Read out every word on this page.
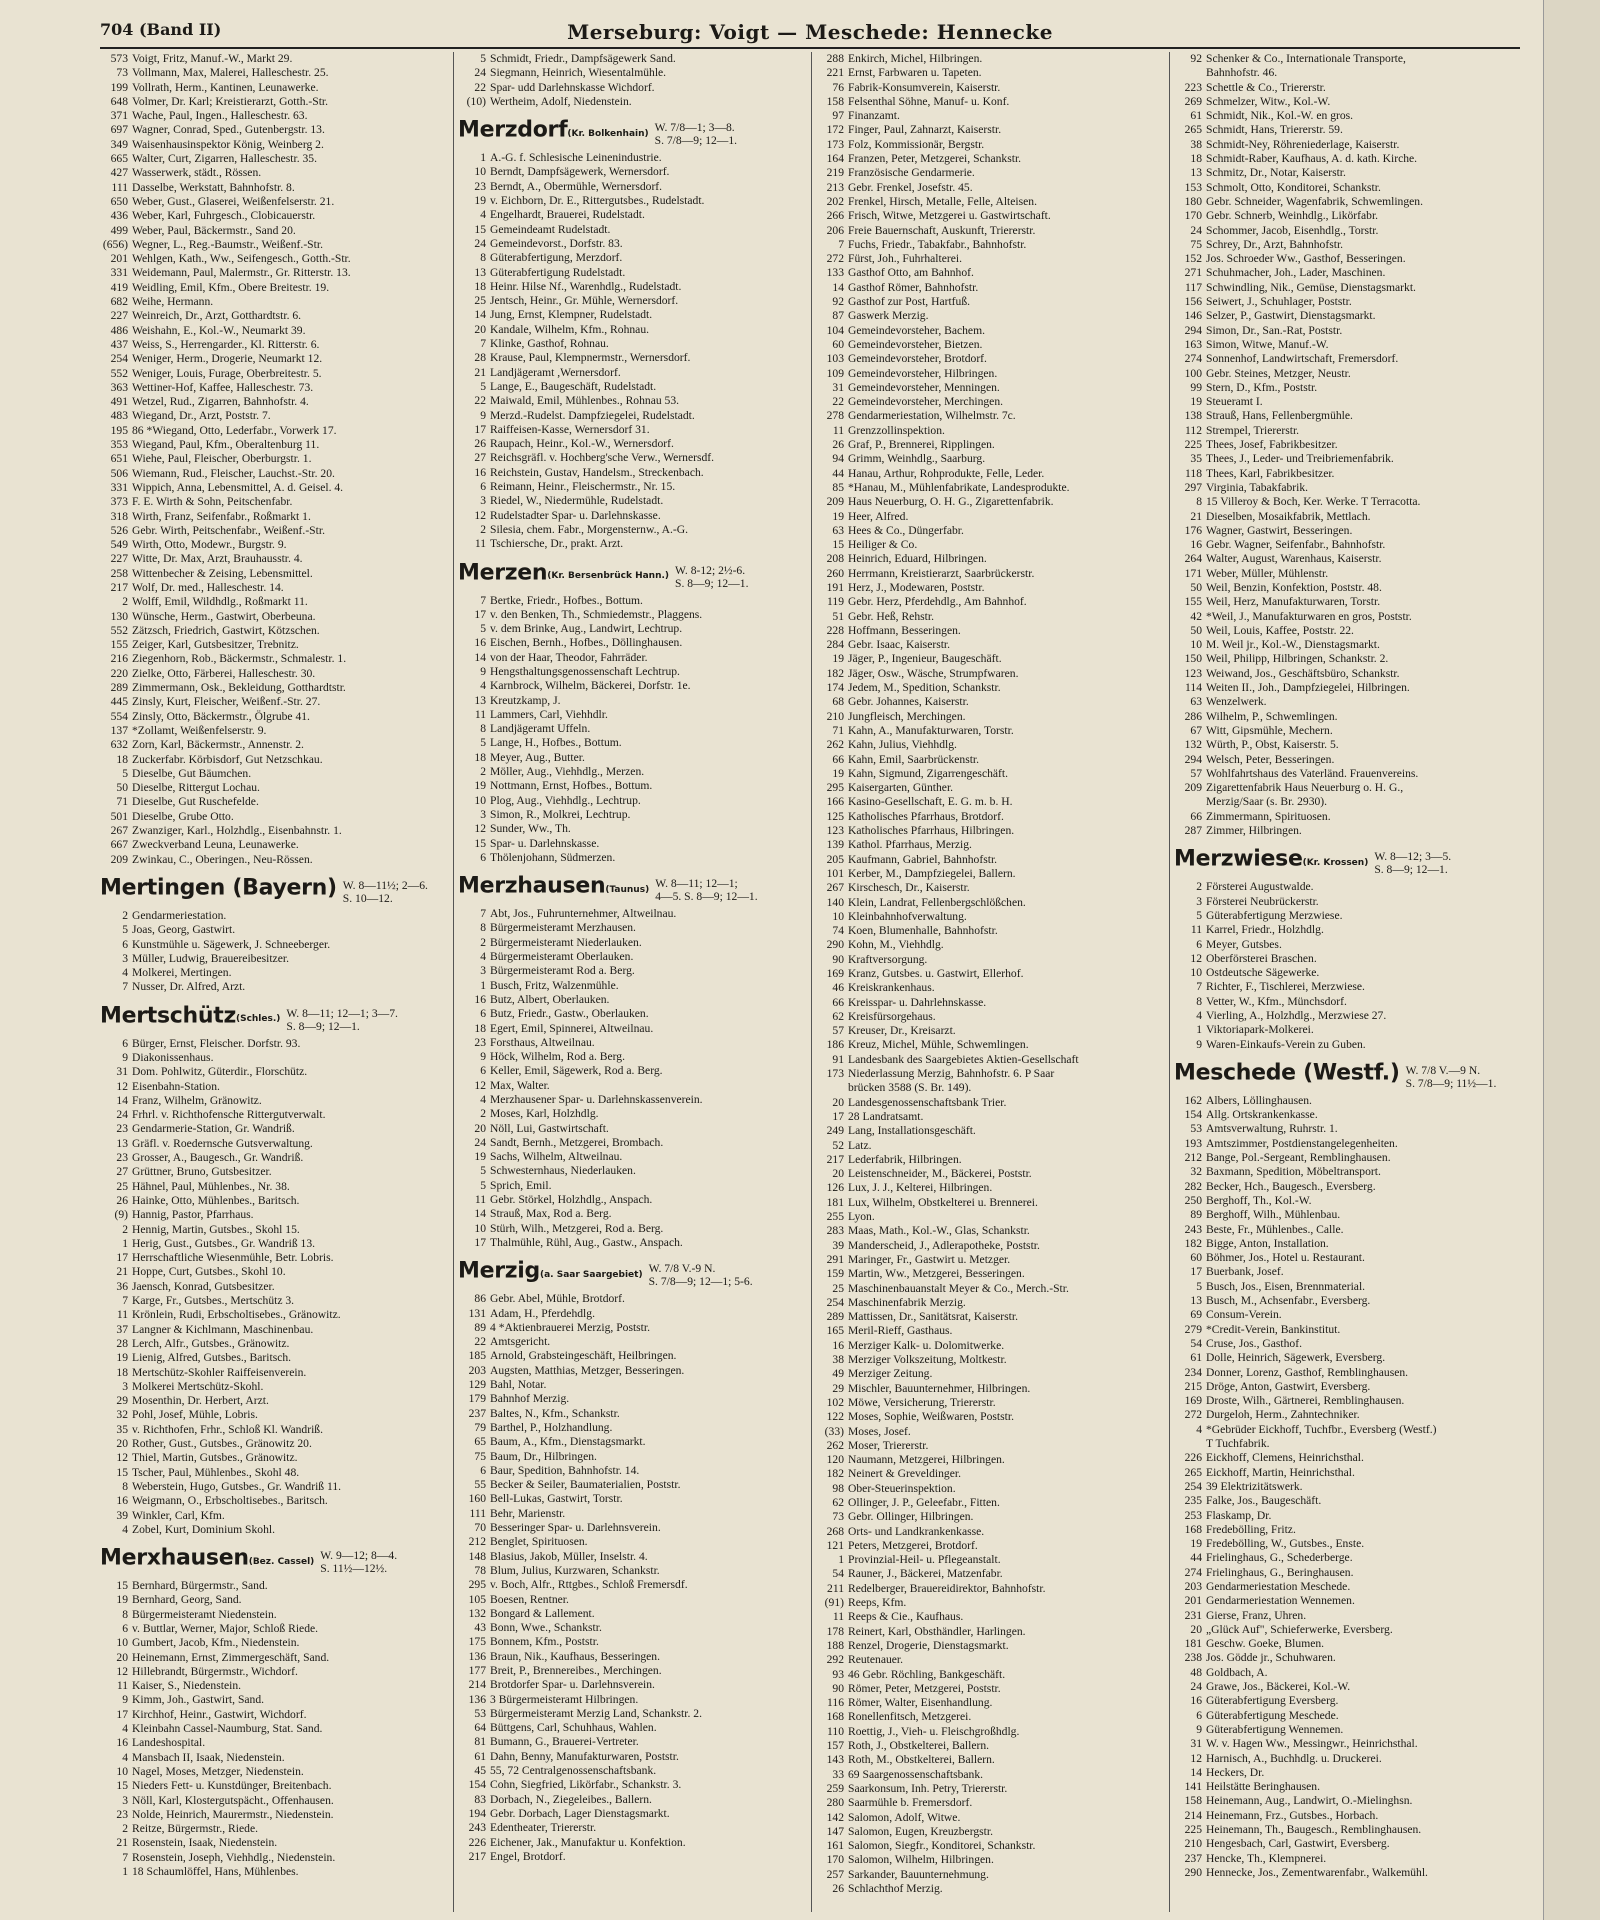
704 (Band II)	Merseburg: Voigt — Meschede: Hennecke
573 Voigt, Fritz, Manuf.-W., Markt 29.
73 Vollmann, Max, Malerei, Halleschestr. 25.
199 Vollrath, Herm., Kantinen, Leunawerke.
648 Volmer, Dr. Karl; Kreistierarzt, Gotth.-Str.
371 Wache, Paul, Ingen., Halleschestr. 63.
697 Wagner, Conrad, Sped., Gutenbergstr. 13.
349 Waisenhausinspektor König, Weinberg 2.
665 Walter, Curt, Zigarren, Halleschestr. 35.
427 Wasserwerk, städt., Rössen.
111 Dasselbe, Werkstatt, Bahnhofstr. 8.
650 Weber, Gust., Glaserei, Weißenfelserstr. 21.
436 Weber, Karl, Fuhrgesch., Clobicauerstr.
499 Weber, Paul, Bäckermstr., Sand 20.
(656) Wegner, L., Reg.-Baumstr., Weißenf.-Str.
201 Wehlgen, Kath., Ww., Seifengesch., Gotth.-Str.
331 Weidemann, Paul, Malermstr., Gr. Ritterstr. 13.
419 Weidling, Emil, Kfm., Obere Breitestr. 19.
682 Weihe, Hermann.
227 Weinreich, Dr., Arzt, Gotthardtstr. 6.
486 Weishahn, E., Kol.-W., Neumarkt 39.
437 Weiss, S., Herrengarder., Kl. Ritterstr. 6.
254 Weniger, Herm., Drogerie, Neumarkt 12.
552 Weniger, Louis, Furage, Oberbreitestr. 5.
363 Wettiner-Hof, Kaffee, Halleschestr. 73.
491 Wetzel, Rud., Zigarren, Bahnhofstr. 4.
483 Wiegand, Dr., Arzt, Poststr. 7.
195 86 *Wiegand, Otto, Lederfabr., Vorwerk 17.
353 Wiegand, Paul, Kfm., Oberaltenburg 11.
651 Wiehe, Paul, Fleischer, Oberburgstr. 1.
506 Wiemann, Rud., Fleischer, Lauchst.-Str. 20.
331 Wippich, Anna, Lebensmittel, A. d. Geisel. 4.
373 F. E. Wirth & Sohn, Peitschenfabr.
318 Wirth, Franz, Seifenfabr., Roßmarkt 1.
526 Gebr. Wirth, Peitschenfabr., Weißenf.-Str.
549 Wirth, Otto, Modewr., Burgstr. 9.
227 Witte, Dr. Max, Arzt, Brauhausstr. 4.
258 Wittenbecher & Zeising, Lebensmittel.
217 Wolf, Dr. med., Halleschestr. 14.
2 Wolff, Emil, Wildhdlg., Roßmarkt 11.
130 Wünsche, Herm., Gastwirt, Oberbeuna.
552 Zätzsch, Friedrich, Gastwirt, Kötzschen.
155 Zeiger, Karl, Gutsbesitzer, Trebnitz.
216 Ziegenhorn, Rob., Bäckermstr., Schmalestr. 1.
220 Zielke, Otto, Färberei, Halleschestr. 30.
289 Zimmermann, Osk., Bekleidung, Gotthardtstr.
445 Zinsly, Kurt, Fleischer, Weißenf.-Str. 27.
554 Zinsly, Otto, Bäckermstr., Ölgrube 41.
137 *Zollamt, Weißenfelserstr. 9.
632 Zorn, Karl, Bäckermstr., Annenstr. 2.
18 Zuckerfabr. Körbisdorf, Gut Netzschkau.
5 Dieselbe, Gut Bäumchen.
50 Dieselbe, Rittergut Lochau.
71 Dieselbe, Gut Ruschefelde.
501 Dieselbe, Grube Otto.
267 Zwanziger, Karl., Holzhdlg., Eisenbahnstr. 1.
667 Zweckverband Leuna, Leunawerke.
209 Zwinkau, C., Oberingen., Neu-Rössen.
Mertingen (Bayern) W. 8—11½; 2—6.
S. 10—12.
2 Gendarmeriestation.
5 Joas, Georg, Gastwirt.
6 Kunstmühle u. Sägewerk, J. Schneeberger.
3 Müller, Ludwig, Brauereibesitzer.
4 Molkerei, Mertingen.
7 Nusser, Dr. Alfred, Arzt.
Mertschütz(Schles.)W. 8—11; 12—1; 3—7.
S. 8—9; 12—1.
6 Bürger, Ernst, Fleischer. Dorfstr. 93.
9 Diakonissenhaus.
31 Dom. Pohlwitz, Güterdir., Florschütz.
12 Eisenbahn-Station.
14 Franz, Wilhelm, Gränowitz.
24 Frhrl. v. Richthofensche Rittergutverwalt.
23 Gendarmerie-Station, Gr. Wandriß.
13 Gräfl. v. Roedernsche Gutsverwaltung.
23 Grosser, A., Baugesch., Gr. Wandriß.
27 Grüttner, Bruno, Gutsbesitzer.
25 Hähnel, Paul, Mühlenbes., Nr. 38.
26 Hainke, Otto, Mühlenbes., Baritsch.
(9) Hannig, Pastor, Pfarrhaus.
2 Hennig, Martin, Gutsbes., Skohl 15.
1 Herig, Gust., Gutsbes., Gr. Wandriß 13.
17 Herrschaftliche Wiesenmühle, Betr. Lobris.
21 Hoppe, Curt, Gutsbes., Skohl 10.
36 Jaensch, Konrad, Gutsbesitzer.
7 Karge, Fr., Gutsbes., Mertschütz 3.
11 Krönlein, Rudi, Erbscholtisebes., Gränowitz.
37 Langner & Kichlmann, Maschinenbau.
28 Lerch, Alfr., Gutsbes., Gränowitz.
19 Lienig, Alfred, Gutsbes., Baritsch.
18 Mertschütz-Skohler Raiffeisenverein.
3 Molkerei Mertschütz-Skohl.
29 Mosenthin, Dr. Herbert, Arzt.
32 Pohl, Josef, Mühle, Lobris.
35 v. Richthofen, Frhr., Schloß Kl. Wandriß.
20 Rother, Gust., Gutsbes., Gränowitz 20.
12 Thiel, Martin, Gutsbes., Gränowitz.
15 Tscher, Paul, Mühlenbes., Skohl 48.
8 Weberstein, Hugo, Gutsbes., Gr. Wandriß 11.
16 Weigmann, O., Erbscholtisebes., Baritsch.
39 Winkler, Carl, Kfm.
4 Zobel, Kurt, Dominium Skohl.
Merxhausen(Bez. Cassel)W. 9—12; 8—4.
S. 11½—12½.
15 Bernhard, Bürgermstr., Sand.
19 Bernhard, Georg, Sand.
8 Bürgermeisteramt Niedenstein.
6 v. Buttlar, Werner, Major, Schloß Riede.
10 Gumbert, Jacob, Kfm., Niedenstein.
20 Heinemann, Ernst, Zimmergeschäft, Sand.
12 Hillebrandt, Bürgermstr., Wichdorf.
11 Kaiser, S., Niedenstein.
9 Kimm, Joh., Gastwirt, Sand.
17 Kirchhof, Heinr., Gastwirt, Wichdorf.
4 Kleinbahn Cassel-Naumburg, Stat. Sand.
16 Landeshospital.
4 Mansbach II, Isaak, Niedenstein.
10 Nagel, Moses, Metzger, Niedenstein.
15 Nieders Fett- u. Kunstdünger, Breitenbach.
3 Nöll, Karl, Klostergutspächt., Offenhausen.
23 Nolde, Heinrich, Maurermstr., Niedenstein.
2 Reitze, Bürgermstr., Riede.
21 Rosenstein, Isaak, Niedenstein.
7 Rosenstein, Joseph, Viehhdlg., Niedenstein.
1 18 Schaumlöffel, Hans, Mühlenbes.
5 Schmidt, Friedr., Dampfsägewerk Sand.
24 Siegmann, Heinrich, Wiesentalmühle.
22 Spar- udd Darlehnskasse Wichdorf.
(10) Wertheim, Adolf, Niedenstein.
Merzdorf(Kr. Bolkenhain)W. 7/8—1; 3—8.
S. 7/8—9; 12—1.
1 A.-G. f. Schlesische Leinenindustrie.
10 Berndt, Dampfsägewerk, Wernersdorf.
23 Berndt, A., Obermühle, Wernersdorf.
19 v. Eichborn, Dr. E., Rittergutsbes., Rudelstadt.
4 Engelhardt, Brauerei, Rudelstadt.
15 Gemeindeamt Rudelstadt.
24 Gemeindevorst., Dorfstr. 83.
8 Güterabfertigung, Merzdorf.
13 Güterabfertigung Rudelstadt.
18 Heinr. Hilse Nf., Warenhdlg., Rudelstadt.
25 Jentsch, Heinr., Gr. Mühle, Wernersdorf.
14 Jung, Ernst, Klempner, Rudelstadt.
20 Kandale, Wilhelm, Kfm., Rohnau.
7 Klinke, Gasthof, Rohnau.
28 Krause, Paul, Klempnermstr., Wernersdorf.
21 Landjägeramt ,Wernersdorf.
5 Lange, E., Baugeschäft, Rudelstadt.
22 Maiwald, Emil, Mühlenbes., Rohnau 53.
9 Merzd.-Rudelst. Dampfziegelei, Rudelstadt.
17 Raiffeisen-Kasse, Wernersdorf 31.
26 Raupach, Heinr., Kol.-W., Wernersdorf.
27 Reichsgräfl. v. Hochberg'sche Verw., Wernersdf.
16 Reichstein, Gustav, Handelsm., Streckenbach.
6 Reimann, Heinr., Fleischermstr., Nr. 15.
3 Riedel, W., Niedermühle, Rudelstadt.
12 Rudelstadter Spar- u. Darlehnskasse.
2 Silesia, chem. Fabr., Morgensternw., A.-G.
11 Tschiersche, Dr., prakt. Arzt.
Merzen(Kr. Bersenbrück Hann.)W. 8-12; 2½-6.
S. 8—9; 12—1.
7 Bertke, Friedr., Hofbes., Bottum.
17 v. den Benken, Th., Schmiedemstr., Plaggens.
5 v. dem Brinke, Aug., Landwirt, Lechtrup.
16 Eischen, Bernh., Hofbes., Döllinghausen.
14 von der Haar, Theodor, Fahrräder.
9 Hengsthaltungsgenossenschaft Lechtrup.
4 Karnbrock, Wilhelm, Bäckerei, Dorfstr. 1e.
13 Kreutzkamp, J.
11 Lammers, Carl, Viehhdlr.
8 Landjägeramt Uffeln.
5 Lange, H., Hofbes., Bottum.
18 Meyer, Aug., Butter.
2 Möller, Aug., Viehhdlg., Merzen.
19 Nottmann, Ernst, Hofbes., Bottum.
10 Plog, Aug., Viehhdlg., Lechtrup.
3 Simon, R., Molkrei, Lechtrup.
12 Sunder, Ww., Th.
15 Spar- u. Darlehnskasse.
6 Thölenjohann, Südmerzen.
Merzhausen(Taunus)W. 8—11; 12—1;
4—5. S. 8—9; 12—1.
7 Abt, Jos., Fuhrunternehmer, Altweilnau.
8 Bürgermeisteramt Merzhausen.
2 Bürgermeisteramt Niederlauken.
4 Bürgermeisteramt Oberlauken.
3 Bürgermeisteramt Rod a. Berg.
1 Busch, Fritz, Walzenmühle.
16 Butz, Albert, Oberlauken.
6 Butz, Friedr., Gastw., Oberlauken.
18 Egert, Emil, Spinnerei, Altweilnau.
23 Forsthaus, Altweilnau.
9 Höck, Wilhelm, Rod a. Berg.
6 Keller, Emil, Sägewerk, Rod a. Berg.
12 Max, Walter.
4 Merzhausener Spar- u. Darlehnskassenverein.
2 Moses, Karl, Holzhdlg.
20 Nöll, Lui, Gastwirtschaft.
24 Sandt, Bernh., Metzgerei, Brombach.
19 Sachs, Wilhelm, Altweilnau.
5 Schwesternhaus, Niederlauken.
5 Sprich, Emil.
11 Gebr. Störkel, Holzhdlg., Anspach.
14 Strauß, Max, Rod a. Berg.
10 Stürh, Wilh., Metzgerei, Rod a. Berg.
17 Thalmühle, Rühl, Aug., Gastw., Anspach.
Merzig(a. Saar Saargebiet)W. 7/8 V.-9 N.
S. 7/8—9; 12—1; 5-6.
86 Gebr. Abel, Mühle, Brotdorf.
131 Adam, H., Pferdehdlg.
89 4 *Aktienbrauerei Merzig, Poststr.
22 Amtsgericht.
185 Arnold, Grabsteingeschäft, Heilbringen.
203 Augsten, Matthias, Metzger, Besseringen.
129 Bahl, Notar.
179 Bahnhof Merzig.
237 Baltes, N., Kfm., Schankstr.
79 Barthel, P., Holzhandlung.
65 Baum, A., Kfm., Dienstagsmarkt.
75 Baum, Dr., Hilbringen.
6 Baur, Spedition, Bahnhofstr. 14.
55 Becker & Seiler, Baumaterialien, Poststr.
160 Bell-Lukas, Gastwirt, Torstr.
111 Behr, Marienstr.
70 Besseringer Spar- u. Darlehnsverein.
212 Benglet, Spirituosen.
148 Blasius, Jakob, Müller, Inselstr. 4.
78 Blum, Julius, Kurzwaren, Schankstr.
295 v. Boch, Alfr., Rttgbes., Schloß Fremersdf.
105 Boesen, Rentner.
132 Bongard & Lallement.
43 Bonn, Wwe., Schankstr.
175 Bonnem, Kfm., Poststr.
136 Braun, Nik., Kaufhaus, Besseringen.
177 Breit, P., Brennereibes., Merchingen.
214 Brotdorfer Spar- u. Darlehnsverein.
136 3 Bürgermeisteramt Hilbringen.
53 Bürgermeisteramt Merzig Land, Schankstr. 2.
64 Büttgens, Carl, Schuhhaus, Wahlen.
81 Bumann, G., Brauerei-Vertreter.
61 Dahn, Benny, Manufakturwaren, Poststr.
45 55, 72 Centralgenossenschaftsbank.
154 Cohn, Siegfried, Likörfabr., Schankstr. 3.
83 Dorbach, N., Ziegeleibes., Ballern.
194 Gebr. Dorbach, Lager Dienstagsmarkt.
243 Edentheater, Triererstr.
226 Eichener, Jak., Manufaktur u. Konfektion.
217 Engel, Brotdorf.
288 Enkirch, Michel, Hilbringen.
221 Ernst, Farbwaren u. Tapeten.
76 Fabrik-Konsumverein, Kaiserstr.
158 Felsenthal Söhne, Manuf- u. Konf.
97 Finanzamt.
172 Finger, Paul, Zahnarzt, Kaiserstr.
173 Folz, Kommissionär, Bergstr.
164 Franzen, Peter, Metzgerei, Schankstr.
219 Französische Gendarmerie.
213 Gebr. Frenkel, Josefstr. 45.
202 Frenkel, Hirsch, Metalle, Felle, Alteisen.
266 Frisch, Witwe, Metzgerei u. Gastwirtschaft.
206 Freie Bauernschaft, Auskunft, Triererstr.
7 Fuchs, Friedr., Tabakfabr., Bahnhofstr.
272 Fürst, Joh., Fuhrhalterei.
133 Gasthof Otto, am Bahnhof.
14 Gasthof Römer, Bahnhofstr.
92 Gasthof zur Post, Hartfuß.
87 Gaswerk Merzig.
104 Gemeindevorsteher, Bachem.
60 Gemeindevorsteher, Bietzen.
103 Gemeindevorsteher, Brotdorf.
109 Gemeindevorsteher, Hilbringen.
31 Gemeindevorsteher, Menningen.
22 Gemeindevorsteher, Merchingen.
278 Gendarmeriestation, Wilhelmstr. 7c.
11 Grenzzollinspektion.
26 Graf, P., Brennerei, Ripplingen.
94 Grimm, Weinhdlg., Saarburg.
44 Hanau, Arthur, Rohprodukte, Felle, Leder.
85 *Hanau, M., Mühlenfabrikate, Landesprodukte.
209 Haus Neuerburg, O. H. G., Zigarettenfabrik.
19 Heer, Alfred.
63 Hees & Co., Düngerfabr.
15 Heiliger & Co.
208 Heinrich, Eduard, Hilbringen.
260 Herrmann, Kreistierarzt, Saarbrückerstr.
191 Herz, J., Modewaren, Poststr.
119 Gebr. Herz, Pferdehdlg., Am Bahnhof.
51 Gebr. Heß, Rehstr.
228 Hoffmann, Besseringen.
284 Gebr. Isaac, Kaiserstr.
19 Jäger, P., Ingenieur, Baugeschäft.
182 Jäger, Osw., Wäsche, Strumpfwaren.
174 Jedem, M., Spedition, Schankstr.
68 Gebr. Johannes, Kaiserstr.
210 Jungfleisch, Merchingen.
71 Kahn, A., Manufakturwaren, Torstr.
262 Kahn, Julius, Viehhdlg.
66 Kahn, Emil, Saarbrückenstr.
19 Kahn, Sigmund, Zigarrengeschäft.
295 Kaisergarten, Günther.
166 Kasino-Gesellschaft, E. G. m. b. H.
125 Katholisches Pfarrhaus, Brotdorf.
123 Katholisches Pfarrhaus, Hilbringen.
139 Kathol. Pfarrhaus, Merzig.
205 Kaufmann, Gabriel, Bahnhofstr.
101 Kerber, M., Dampfziegelei, Ballern.
267 Kirschesch, Dr., Kaiserstr.
140 Klein, Landrat, Fellenbergschlößchen.
10 Kleinbahnhofverwaltung.
74 Koen, Blumenhalle, Bahnhofstr.
290 Kohn, M., Viehhdlg.
90 Kraftversorgung.
169 Kranz, Gutsbes. u. Gastwirt, Ellerhof.
46 Kreiskrankenhaus.
66 Kreisspar- u. Dahrlehnskasse.
62 Kreisfürsorgehaus.
57 Kreuser, Dr., Kreisarzt.
186 Kreuz, Michel, Mühle, Schwemlingen.
91 Landesbank des Saargebietes Aktien-Gesellschaft
173 Niederlassung Merzig, Bahnhofstr. 6. P Saar
brücken 3588 (S. Br. 149).
20 Landesgenossenschaftsbank Trier.
17 28 Landratsamt.
249 Lang, Installationsgeschäft.
52 Latz.
217 Lederfabrik, Hilbringen.
20 Leistenschneider, M., Bäckerei, Poststr.
126 Lux, J. J., Kelterei, Hilbringen.
181 Lux, Wilhelm, Obstkelterei u. Brennerei.
255 Lyon.
283 Maas, Math., Kol.-W., Glas, Schankstr.
39 Manderscheid, J., Adlerapotheke, Poststr.
291 Maringer, Fr., Gastwirt u. Metzger.
159 Martin, Ww., Metzgerei, Besseringen.
25 Maschinenbauanstalt Meyer & Co., Merch.-Str.
254 Maschinenfabrik Merzig.
289 Mattissen, Dr., Sanitätsrat, Kaiserstr.
165 Meril-Rieff, Gasthaus.
16 Merziger Kalk- u. Dolomitwerke.
38 Merziger Volkszeitung, Moltkestr.
49 Merziger Zeitung.
29 Mischler, Bauunternehmer, Hilbringen.
102 Möwe, Versicherung, Triererstr.
122 Moses, Sophie, Weißwaren, Poststr.
(33) Moses, Josef.
262 Moser, Triererstr.
120 Naumann, Metzgerei, Hilbringen.
182 Neinert & Greveldinger.
98 Ober-Steuerinspektion.
62 Ollinger, J. P., Geleefabr., Fitten.
73 Gebr. Ollinger, Hilbringen.
268 Orts- und Landkrankenkasse.
121 Peters, Metzgerei, Brotdorf.
1 Provinzial-Heil- u. Pflegeanstalt.
54 Rauner, J., Bäckerei, Matzenfabr.
211 Redelberger, Brauereidirektor, Bahnhofstr.
(91) Reeps, Kfm.
11 Reeps & Cie., Kaufhaus.
178 Reinert, Karl, Obsthändler, Harlingen.
188 Renzel, Drogerie, Dienstagsmarkt.
292 Reutenauer.
93 46 Gebr. Röchling, Bankgeschäft.
90 Römer, Peter, Metzgerei, Poststr.
116 Römer, Walter, Eisenhandlung.
168 Ronellenfitsch, Metzgerei.
110 Roettig, J., Vieh- u. Fleischgroßhdlg.
157 Roth, J., Obstkelterei, Ballern.
143 Roth, M., Obstkelterei, Ballern.
33 69 Saargenossenschaftsbank.
259 Saarkonsum, Inh. Petry, Triererstr.
280 Saarmühle b. Fremersdorf.
142 Salomon, Adolf, Witwe.
147 Salomon, Eugen, Kreuzbergstr.
161 Salomon, Siegfr., Konditorei, Schankstr.
170 Salomon, Wilhelm, Hilbringen.
257 Sarkander, Bauunternehmung.
26 Schlachthof Merzig.
92 Schenker & Co., Internationale Transporte,
Bahnhofstr. 46.
223 Schettle & Co., Triererstr.
269 Schmelzer, Witw., Kol.-W.
61 Schmidt, Nik., Kol.-W. en gros.
265 Schmidt, Hans, Triererstr. 59.
38 Schmidt-Ney, Röhreniederlage, Kaiserstr.
18 Schmidt-Raber, Kaufhaus, A. d. kath. Kirche.
13 Schmitz, Dr., Notar, Kaiserstr.
153 Schmolt, Otto, Konditorei, Schankstr.
180 Gebr. Schneider, Wagenfabrik, Schwemlingen.
170 Gebr. Schnerb, Weinhdlg., Likörfabr.
24 Schommer, Jacob, Eisenhdlg., Torstr.
75 Schrey, Dr., Arzt, Bahnhofstr.
152 Jos. Schroeder Ww., Gasthof, Besseringen.
271 Schuhmacher, Joh., Lader, Maschinen.
117 Schwindling, Nik., Gemüse, Dienstagsmarkt.
156 Seiwert, J., Schuhlager, Poststr.
146 Selzer, P., Gastwirt, Dienstagsmarkt.
294 Simon, Dr., San.-Rat, Poststr.
163 Simon, Witwe, Manuf.-W.
274 Sonnenhof, Landwirtschaft, Fremersdorf.
100 Gebr. Steines, Metzger, Neustr.
99 Stern, D., Kfm., Poststr.
19 Steueramt I.
138 Strauß, Hans, Fellenbergmühle.
112 Strempel, Triererstr.
225 Thees, Josef, Fabrikbesitzer.
35 Thees, J., Leder- und Treibriemenfabrik.
118 Thees, Karl, Fabrikbesitzer.
297 Virginia, Tabakfabrik.
8 15 Villeroy & Boch, Ker. Werke. T Terracotta.
21 Dieselben, Mosaikfabrik, Mettlach.
176 Wagner, Gastwirt, Besseringen.
16 Gebr. Wagner, Seifenfabr., Bahnhofstr.
264 Walter, August, Warenhaus, Kaiserstr.
171 Weber, Müller, Mühlenstr.
50 Weil, Benzin, Konfektion, Poststr. 48.
155 Weil, Herz, Manufakturwaren, Torstr.
42 *Weil, J., Manufakturwaren en gros, Poststr.
50 Weil, Louis, Kaffee, Poststr. 22.
10 M. Weil jr., Kol.-W., Dienstagsmarkt.
150 Weil, Philipp, Hilbringen, Schankstr. 2.
123 Weiwand, Jos., Geschäftsbüro, Schankstr.
114 Weiten II., Joh., Dampfziegelei, Hilbringen.
63 Wenzelwerk.
286 Wilhelm, P., Schwemlingen.
67 Witt, Gipsmühle, Mechern.
132 Würth, P., Obst, Kaiserstr. 5.
294 Welsch, Peter, Besseringen.
57 Wohlfahrtshaus des Vaterländ. Frauenvereins.
209 Zigarettenfabrik Haus Neuerburg o. H. G.,
Merzig/Saar (s. Br. 2930).
66 Zimmermann, Spirituosen.
287 Zimmer, Hilbringen.
Merzwiese(Kr. Krossen)W. 8—12; 3—5.
S. 8—9; 12—1.
2 Försterei Augustwalde.
3 Försterei Neubrückerstr.
5 Güterabfertigung Merzwiese.
11 Karrel, Friedr., Holzhdlg.
6 Meyer, Gutsbes.
12 Oberförsterei Braschen.
10 Ostdeutsche Sägewerke.
7 Richter, F., Tischlerei, Merzwiese.
8 Vetter, W., Kfm., Münchsdorf.
4 Vierling, A., Holzhdlg., Merzwiese 27.
1 Viktoriapark-Molkerei.
9 Waren-Einkaufs-Verein zu Guben.
Meschede (Westf.) W. 7/8 V.—9 N.
S. 7/8—9; 11½—1.
162 Albers, Löllinghausen.
154 Allg. Ortskrankenkasse.
53 Amtsverwaltung, Ruhrstr. 1.
193 Amtszimmer, Postdienstangelegenheiten.
212 Bange, Pol.-Sergeant, Remblinghausen.
32 Baxmann, Spedition, Möbeltransport.
282 Becker, Hch., Baugesch., Eversberg.
250 Berghoff, Th., Kol.-W.
89 Berghoff, Wilh., Mühlenbau.
243 Beste, Fr., Mühlenbes., Calle.
182 Bigge, Anton, Installation.
60 Böhmer, Jos., Hotel u. Restaurant.
17 Buerbank, Josef.
5 Busch, Jos., Eisen, Brennmaterial.
13 Busch, M., Achsenfabr., Eversberg.
69 Consum-Verein.
279 *Credit-Verein, Bankinstitut.
54 Cruse, Jos., Gasthof.
61 Dolle, Heinrich, Sägewerk, Eversberg.
234 Donner, Lorenz, Gasthof, Remblinghausen.
215 Dröge, Anton, Gastwirt, Eversberg.
169 Droste, Wilh., Gärtnerei, Remblinghausen.
272 Durgeloh, Herm., Zahntechniker.
4 *Gebrüder Eickhoff, Tuchfbr., Eversberg (Westf.)
T Tuchfabrik.
226 Eickhoff, Clemens, Heinrichsthal.
265 Eickhoff, Martin, Heinrichsthal.
254 39 Elektrizitätswerk.
235 Falke, Jos., Baugeschäft.
253 Flaskamp, Dr.
168 Fredebölling, Fritz.
19 Fredebölling, W., Gutsbes., Enste.
44 Frielinghaus, G., Schederberge.
274 Frielinghaus, G., Beringhausen.
203 Gendarmeriestation Meschede.
201 Gendarmeriestation Wennemen.
231 Gierse, Franz, Uhren.
20 „Glück Auf", Schieferwerke, Eversberg.
181 Geschw. Goeke, Blumen.
238 Jos. Gödde jr., Schuhwaren.
48 Goldbach, A.
24 Grawe, Jos., Bäckerei, Kol.-W.
16 Güterabfertigung Eversberg.
6 Güterabfertigung Meschede.
9 Güterabfertigung Wennemen.
31 W. v. Hagen Ww., Messingwr., Heinrichsthal.
12 Harnisch, A., Buchhdlg. u. Druckerei.
14 Heckers, Dr.
141 Heilstätte Beringhausen.
158 Heinemann, Aug., Landwirt, O.-Mielinghsn.
214 Heinemann, Frz., Gutsbes., Horbach.
225 Heinemann, Th., Baugesch., Remblinghausen.
210 Hengesbach, Carl, Gastwirt, Eversberg.
237 Hencke, Th., Klempnerei.
290 Hennecke, Jos., Zementwarenfabr., Walkemühl.
